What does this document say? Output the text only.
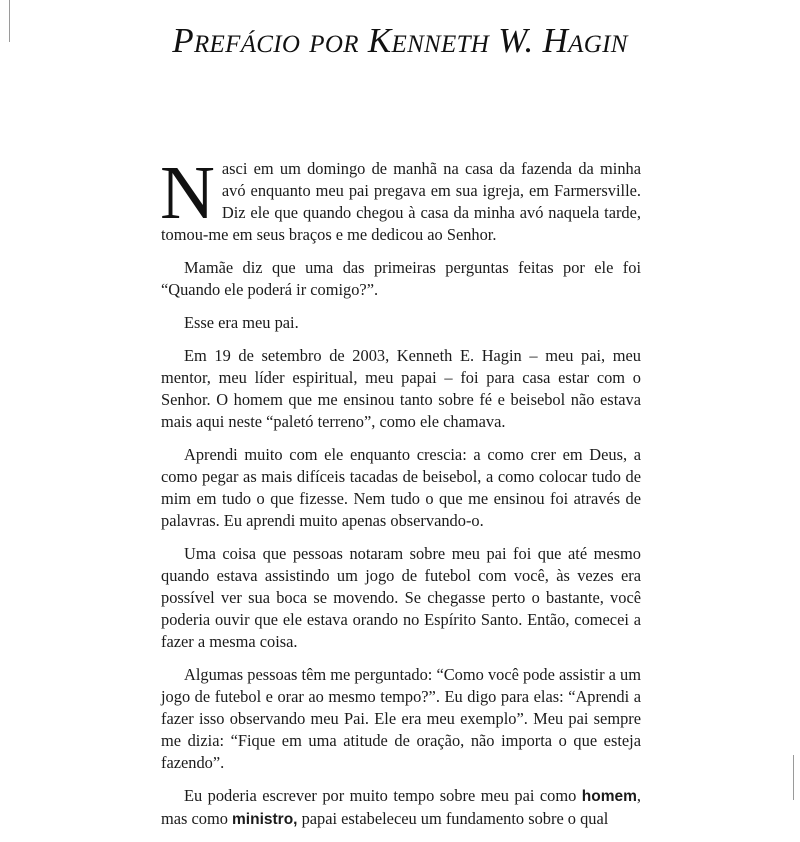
PREFÁCIO POR KENNETH W. HAGIN

Nasci em um domingo de manhã na casa da fazenda da minha avó enquanto meu pai pregava em sua igreja, em Farmersville. Diz ele que quando chegou à casa da minha avó naquela tarde, tomou-me em seus braços e me dedicou ao Senhor.

Mamãe diz que uma das primeiras perguntas feitas por ele foi “Quando ele poderá ir comigo?”.

Esse era meu pai.

Em 19 de setembro de 2003, Kenneth E. Hagin – meu pai, meu mentor, meu líder espiritual, meu papai – foi para casa estar com o Senhor. O homem que me ensinou tanto sobre fé e beisebol não estava mais aqui neste “paletó terreno”, como ele chamava.

Aprendi muito com ele enquanto crescia: a como crer em Deus, a como pegar as mais difíceis tacadas de beisebol, a como colocar tudo de mim em tudo o que fizesse. Nem tudo o que me ensinou foi através de palavras. Eu aprendi muito apenas observando-o.

Uma coisa que pessoas notaram sobre meu pai foi que até mesmo quando estava assistindo um jogo de futebol com você, às vezes era possível ver sua boca se movendo. Se chegasse perto o bastante, você poderia ouvir que ele estava orando no Espírito Santo. Então, comecei a fazer a mesma coisa.

Algumas pessoas têm me perguntado: “Como você pode assistir a um jogo de futebol e orar ao mesmo tempo?”. Eu digo para elas: “Aprendi a fazer isso observando meu Pai. Ele era meu exemplo”. Meu pai sempre me dizia: “Fique em uma atitude de oração, não importa o que esteja fazendo”.

Eu poderia escrever por muito tempo sobre meu pai como homem, mas como ministro, papai estabeleceu um fundamento sobre o qual
